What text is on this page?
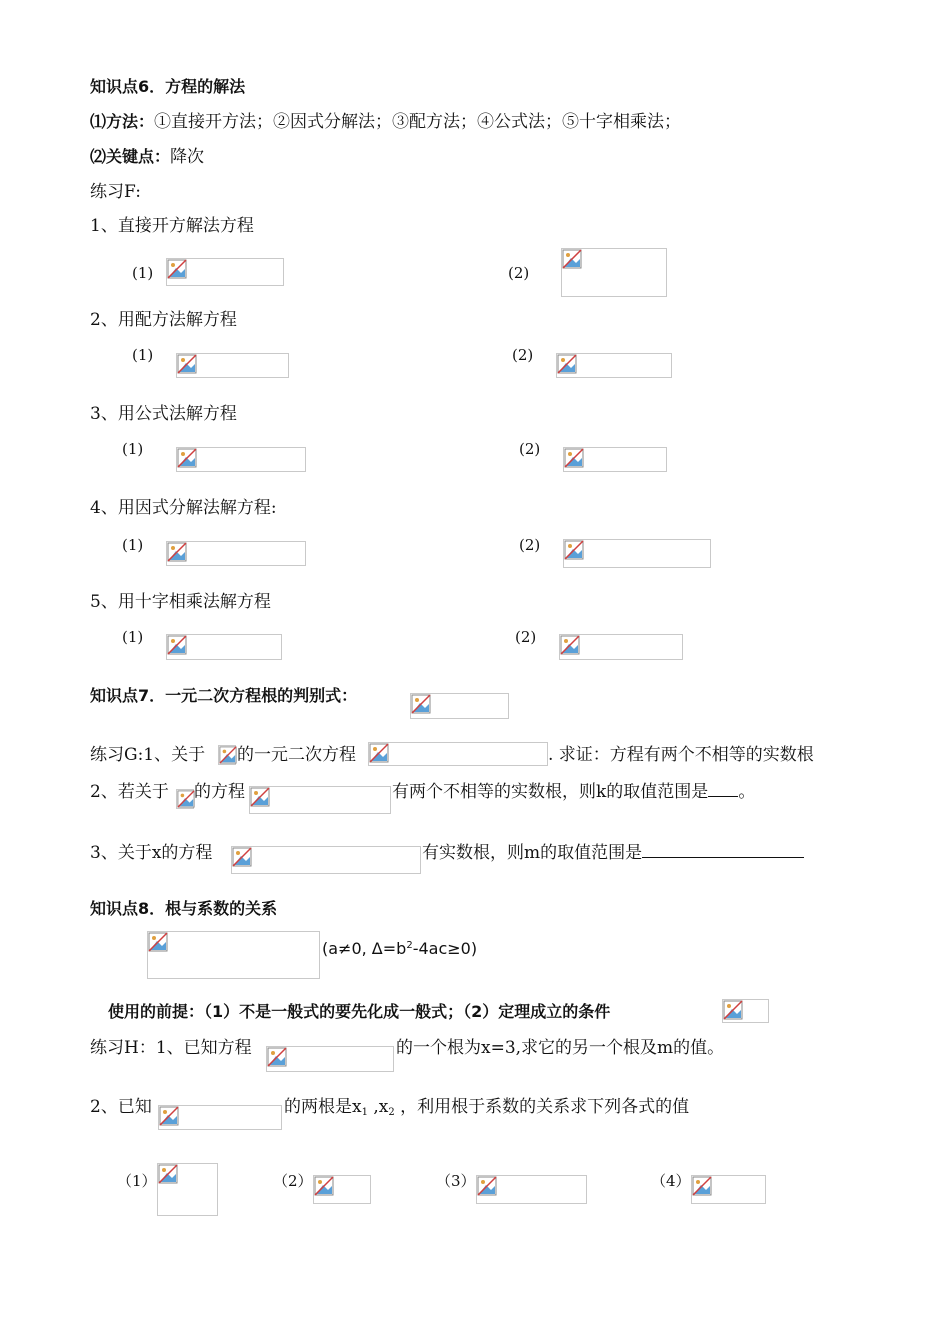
知识点6．方程的解法
⑴方法：①直接开方法；②因式分解法；③配方法；④公式法；⑤十字相乘法；
⑵关键点：降次
练习F:
1、直接开方解法方程
(1)	(2)
2、用配方法解方程
(1)	(2)
3、用公式法解方程
(1)	(2)
4、用因式分解法解方程:
(1)	(2)
5、用十字相乘法解方程
(1)	(2)
知识点7．一元二次方程根的判别式：
练习G:1、关于 的一元二次方程	. 求证：方程有两个不相等的实数根
2、若关于 的方程	有两个不相等的实数根，则k的取值范围是 。
3、关于x的方程	有实数根，则m的取值范围是
知识点8．根与系数的关系
(a≠0, $\Delta=b^2-4ac\ge 0$)
使用的前提：（1）不是一般式的要先化成一般式；（2）定理成立的条件
练习H：1、已知方程	的一个根为x=3,求它的另一个根及m的值。
2、已知	的两根是$x_1$ $,x_2$ ，利用根于系数的关系求下列各式的值
（1）	（2）	（3）	（4）
